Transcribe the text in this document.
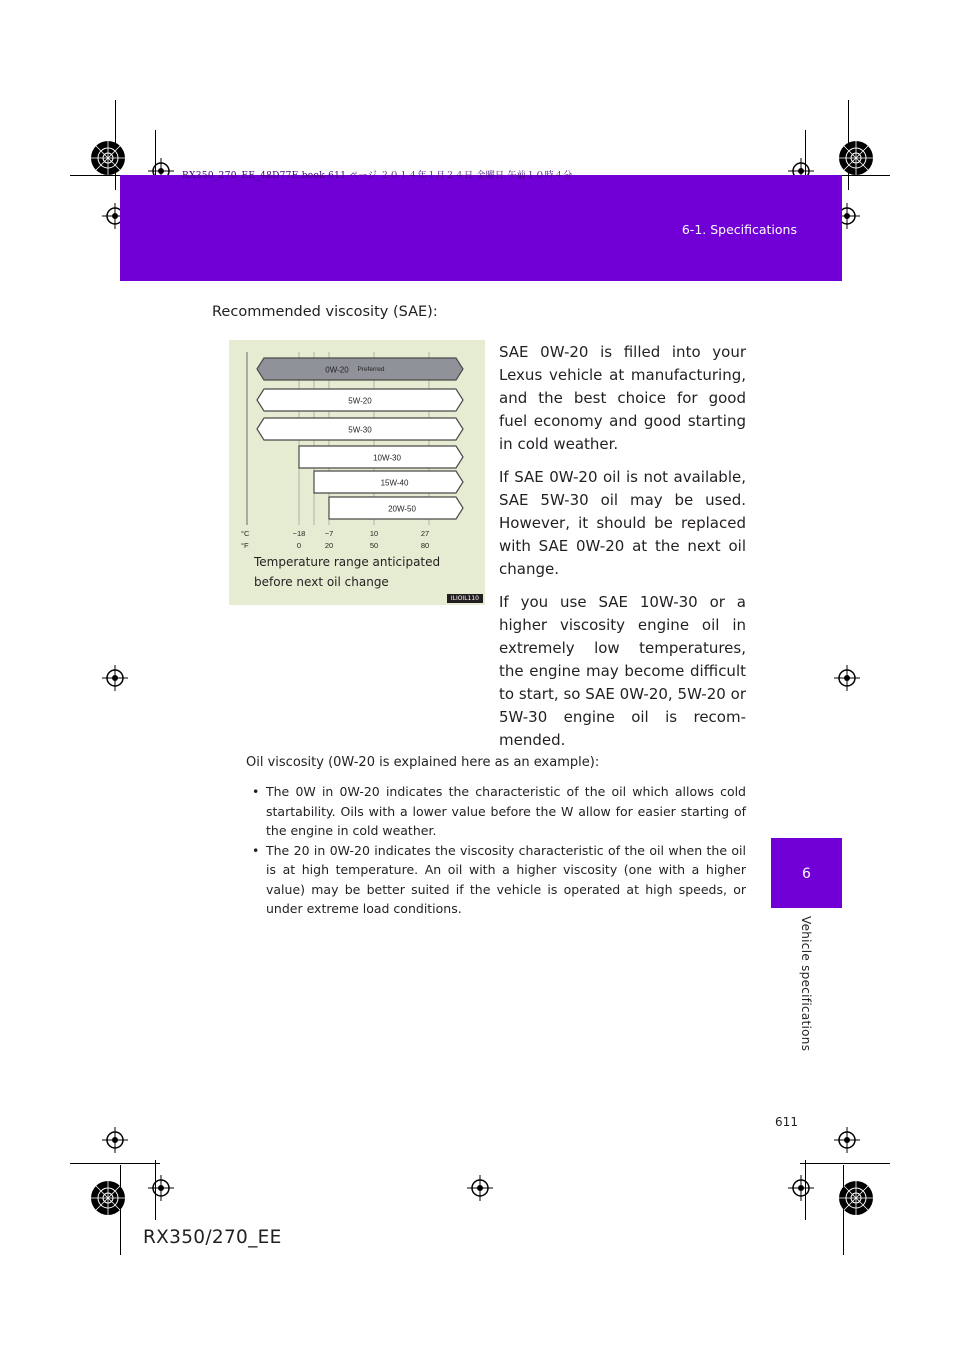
RX350_270_EE_48D77E.book 611 ページ ２０１４年１月２４日 金曜日 午前１０時４分
6-1. Specifications
6
Vehicle specifications
Recommended viscosity (SAE):
0W-20 Preferred
5W-20
5W-30
10W-30
15W-40
20W-50
°C
°F
−18	−7	10	27
0	20	50	80
Temperature range anticipated before next oil change
ILIOIL110

SAE 0W-20 is filled into your Lexus vehicle at manufacturing, and the best choice for good fuel economy and good starting in cold weather.

If SAE 0W-20 oil is not available, SAE 5W-30 oil may be used. However, it should be replaced with SAE 0W-20 at the next oil change.

If you use SAE 10W-30 or a higher viscosity engine oil in extremely low temperatures, the engine may become difficult to start, so SAE 0W-20, 5W-20 or 5W-30 engine oil is recom-mended.

Oil viscosity (0W-20 is explained here as an example):
• The 0W in 0W-20 indicates the characteristic of the oil which allows cold startability. Oils with a lower value before the W allow for easier starting of the engine in cold weather.
• The 20 in 0W-20 indicates the viscosity characteristic of the oil when the oil is at high temperature. An oil with a higher viscosity (one with a higher value) may be better suited if the vehicle is operated at high speeds, or under extreme load conditions.
611
RX350/270_EE
